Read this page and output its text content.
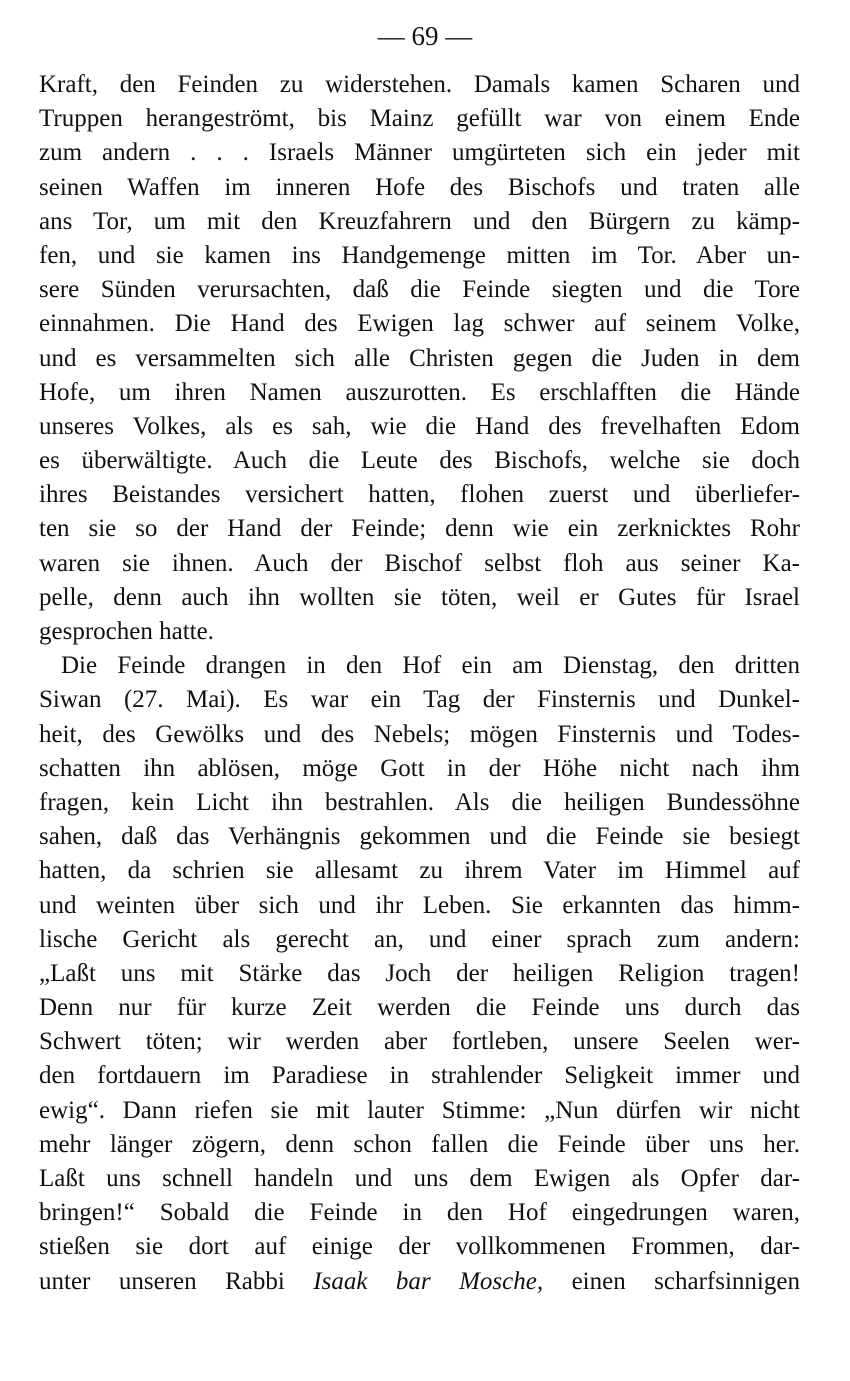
— 69 —
Kraft, den Feinden zu widerstehen. Damals kamen Scharen und
Truppen herangeströmt, bis Mainz gefüllt war von einem Ende
zum andern . . . Israels Männer umgürteten sich ein jeder mit
seinen Waffen im inneren Hofe des Bischofs und traten alle
ans Tor, um mit den Kreuzfahrern und den Bürgern zu kämp-
fen, und sie kamen ins Handgemenge mitten im Tor. Aber un-
sere Sünden verursachten, daß die Feinde siegten und die Tore
einnahmen. Die Hand des Ewigen lag schwer auf seinem Volke,
und es versammelten sich alle Christen gegen die Juden in dem
Hofe, um ihren Namen auszurotten. Es erschlafften die Hände
unseres Volkes, als es sah, wie die Hand des frevelhaften Edom
es überwältigte. Auch die Leute des Bischofs, welche sie doch
ihres Beistandes versichert hatten, flohen zuerst und überliefer-
ten sie so der Hand der Feinde; denn wie ein zerknicktes Rohr
waren sie ihnen. Auch der Bischof selbst floh aus seiner Ka-
pelle, denn auch ihn wollten sie töten, weil er Gutes für Israel
gesprochen hatte.
Die Feinde drangen in den Hof ein am Dienstag, den dritten
Siwan (27. Mai). Es war ein Tag der Finsternis und Dunkel-
heit, des Gewölks und des Nebels; mögen Finsternis und Todes-
schatten ihn ablösen, möge Gott in der Höhe nicht nach ihm
fragen, kein Licht ihn bestrahlen. Als die heiligen Bundessöhne
sahen, daß das Verhängnis gekommen und die Feinde sie besiegt
hatten, da schrien sie allesamt zu ihrem Vater im Himmel auf
und weinten über sich und ihr Leben. Sie erkannten das himm-
lische Gericht als gerecht an, und einer sprach zum andern:
„Laßt uns mit Stärke das Joch der heiligen Religion tragen!
Denn nur für kurze Zeit werden die Feinde uns durch das
Schwert töten; wir werden aber fortleben, unsere Seelen wer-
den fortdauern im Paradiese in strahlender Seligkeit immer und
ewig“. Dann riefen sie mit lauter Stimme: „Nun dürfen wir nicht
mehr länger zögern, denn schon fallen die Feinde über uns her.
Laßt uns schnell handeln und uns dem Ewigen als Opfer dar-
bringen!“ Sobald die Feinde in den Hof eingedrungen waren,
stießen sie dort auf einige der vollkommenen Frommen, dar-
unter unseren Rabbi Isaak bar Mosche, einen scharfsinnigen
